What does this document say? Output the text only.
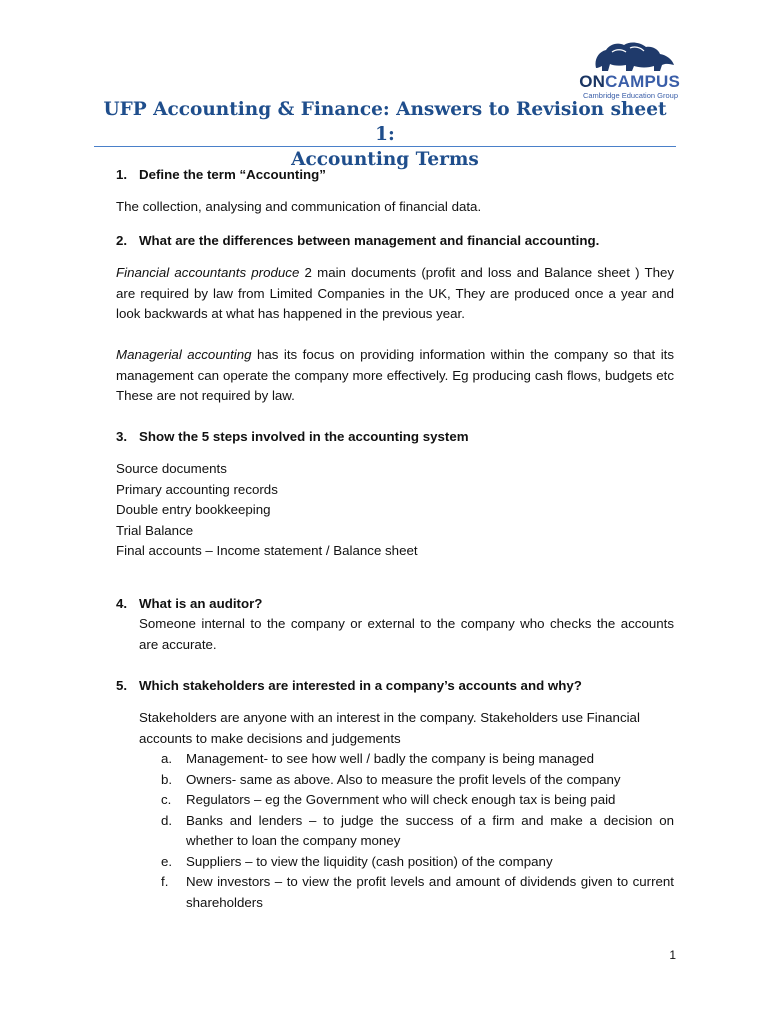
ONCAMPUS
Cambridge Education Group
UFP Accounting & Finance: Answers to Revision sheet 1:
Accounting Terms
1. Define the term “Accounting”
The collection, analysing and communication of financial data.
2. What are the differences between management and financial accounting.
Financial accountants produce 2 main documents (profit and loss and Balance sheet ) They are required by law from Limited Companies in the UK, They are produced once a year and look backwards at what has happened in the previous year.
Managerial accounting has its focus on providing information within the company so that its management can operate the company more effectively. Eg producing cash flows, budgets etc These are not required by law.
3. Show the 5 steps involved in the accounting system
Source documents
Primary accounting records
Double entry bookkeeping
Trial Balance
Final accounts – Income statement / Balance sheet
4. What is an auditor?
Someone internal to the company or external to the company who checks the accounts are accurate.
5. Which stakeholders are interested in a company’s accounts and why?
Stakeholders are anyone with an interest in the company. Stakeholders use Financial accounts to make decisions and judgements
a. Management- to see how well / badly the company is being managed
b. Owners- same as above. Also to measure the profit levels of the company
c. Regulators – eg the Government who will check enough tax is being paid
d. Banks and lenders – to judge the success of a firm and make a decision on whether to loan the company money
e. Suppliers – to view the liquidity (cash position) of the company
f. New investors – to view the profit levels and amount of dividends given to current shareholders
1
